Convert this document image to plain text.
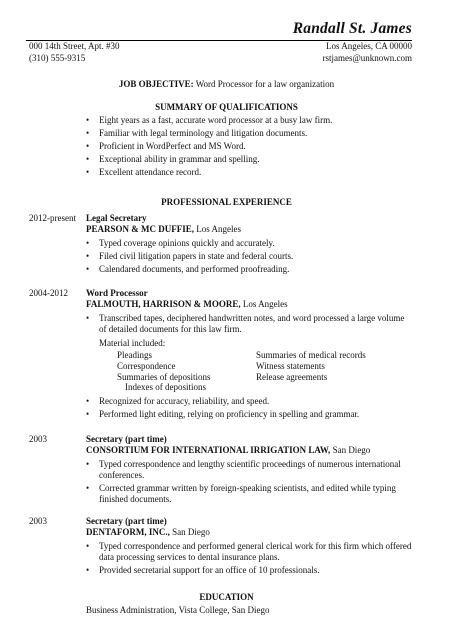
Randall St. James
000 14th Street, Apt. #30
(310) 555-9315
Los Angeles, CA 00000
rstjames@unknown.com
JOB OBJECTIVE: Word Processor for a law organization
SUMMARY OF QUALIFICATIONS
• Eight years as a fast, accurate word processor at a busy law firm.
• Familiar with legal terminology and litigation documents.
• Proficient in WordPerfect and MS Word.
• Exceptional ability in grammar and spelling.
• Excellent attendance record.
PROFESSIONAL EXPERIENCE
2012-present Legal Secretary
PEARSON & MC DUFFIE, Los Angeles
• Typed coverage opinions quickly and accurately.
• Filed civil litigation papers in state and federal courts.
• Calendared documents, and performed proofreading.
2004-2012 Word Processor
FALMOUTH, HARRISON & MOORE, Los Angeles
• Transcribed tapes, deciphered handwritten notes, and word processed a large volume of detailed documents for this law firm.
Material included:
Pleadings
Correspondence
Summaries of depositions
Indexes of depositions
Summaries of medical records
Witness statements
Release agreements
• Recognized for accuracy, reliability, and speed.
• Performed light editing, relying on proficiency in spelling and grammar.
2003	Secretary (part time)
CONSORTIUM FOR INTERNATIONAL IRRIGATION LAW, San Diego
• Typed correspondence and lengthy scientific proceedings of numerous international conferences.
• Corrected grammar written by foreign-speaking scientists, and edited while typing finished documents.
2003	Secretary (part time)
DENTAFORM, INC., San Diego
• Typed correspondence and performed general clerical work for this firm which offered data processing services to dental insurance plans.
• Provided secretarial support for an office of 10 professionals.
EDUCATION
Business Administration, Vista College, San Diego
